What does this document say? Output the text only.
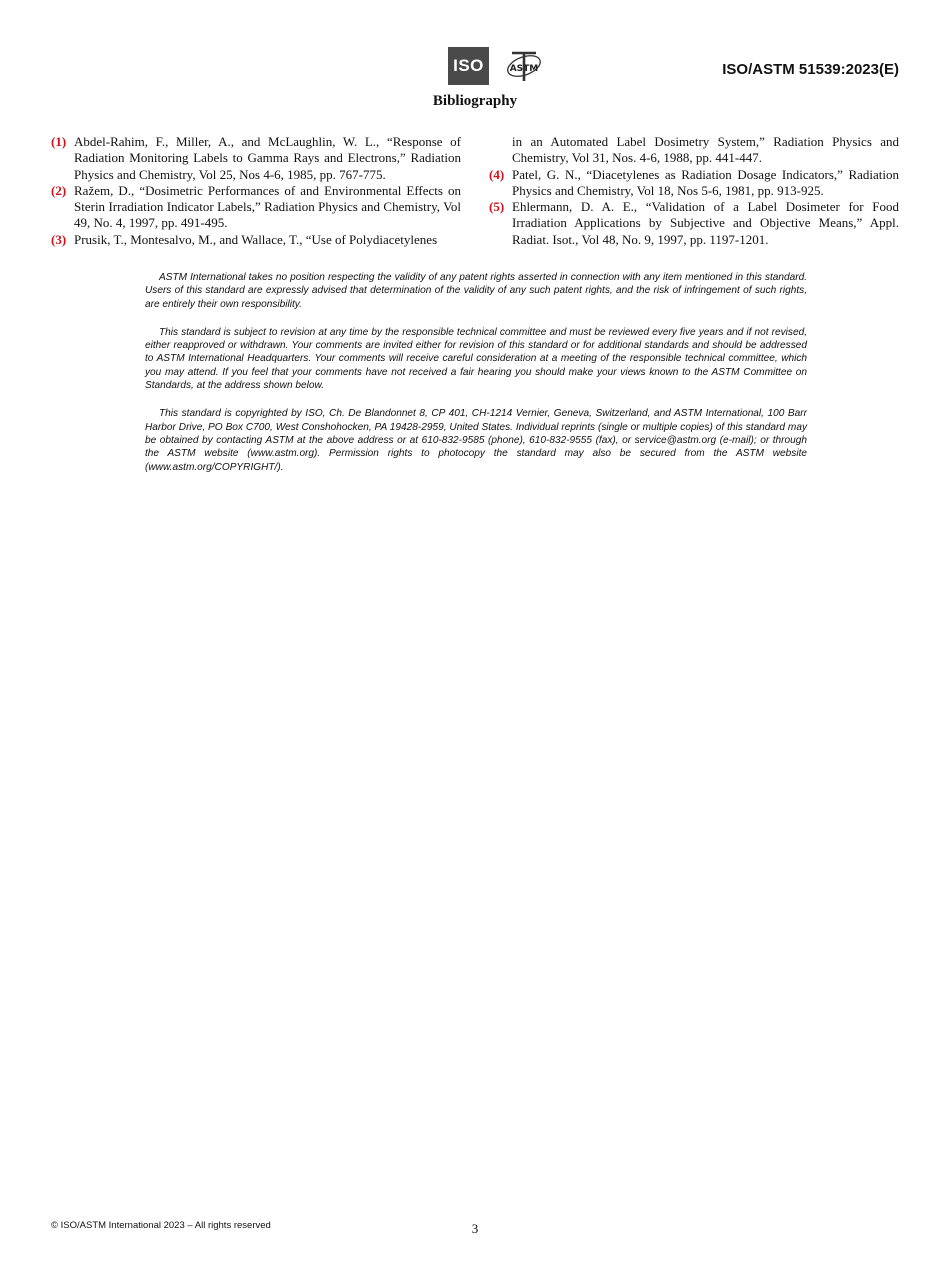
ISO	ASTM	ISO/ASTM 51539:2023(E)
Bibliography

(1) Abdel-Rahim, F., Miller, A., and McLaughlin, W. L., “Response of Radiation Monitoring Labels to Gamma Rays and Electrons,” Radiation Physics and Chemistry, Vol 25, Nos 4-6, 1985, pp. 767-775.

(2) Ražem, D., “Dosimetric Performances of and Environmental Effects on Sterin Irradiation Indicator Labels,” Radiation Physics and Chemistry, Vol 49, No. 4, 1997, pp. 491-495.

(3) Prusik, T., Montesalvo, M., and Wallace, T., “Use of Polydiacetylenes

in an Automated Label Dosimetry System,” Radiation Physics and Chemistry, Vol 31, Nos. 4-6, 1988, pp. 441-447.

(4) Patel, G. N., “Diacetylenes as Radiation Dosage Indicators,” Radiation Physics and Chemistry, Vol 18, Nos 5-6, 1981, pp. 913-925.

(5) Ehlermann, D. A. E., “Validation of a Label Dosimeter for Food Irradiation Applications by Subjective and Objective Means,” Appl. Radiat. Isot., Vol 48, No. 9, 1997, pp. 1197-1201.

ASTM International takes no position respecting the validity of any patent rights asserted in connection with any item mentioned in this standard. Users of this standard are expressly advised that determination of the validity of any such patent rights, and the risk of infringement of such rights, are entirely their own responsibility.

This standard is subject to revision at any time by the responsible technical committee and must be reviewed every five years and if not revised, either reapproved or withdrawn. Your comments are invited either for revision of this standard or for additional standards and should be addressed to ASTM International Headquarters. Your comments will receive careful consideration at a meeting of the responsible technical committee, which you may attend. If you feel that your comments have not received a fair hearing you should make your views known to the ASTM Committee on Standards, at the address shown below.

This standard is copyrighted by ISO, Ch. De Blandonnet 8, CP 401, CH-1214 Vernier, Geneva, Switzerland, and ASTM International, 100 Barr Harbor Drive, PO Box C700, West Conshohocken, PA 19428-2959, United States. Individual reprints (single or multiple copies) of this standard may be obtained by contacting ASTM at the above address or at 610-832-9585 (phone), 610-832-9555 (fax), or service@astm.org (e-mail); or through the ASTM website (www.astm.org). Permission rights to photocopy the standard may also be secured from the ASTM website (www.astm.org/COPYRIGHT/).

© ISO/ASTM International 2023 – All rights reserved	3
